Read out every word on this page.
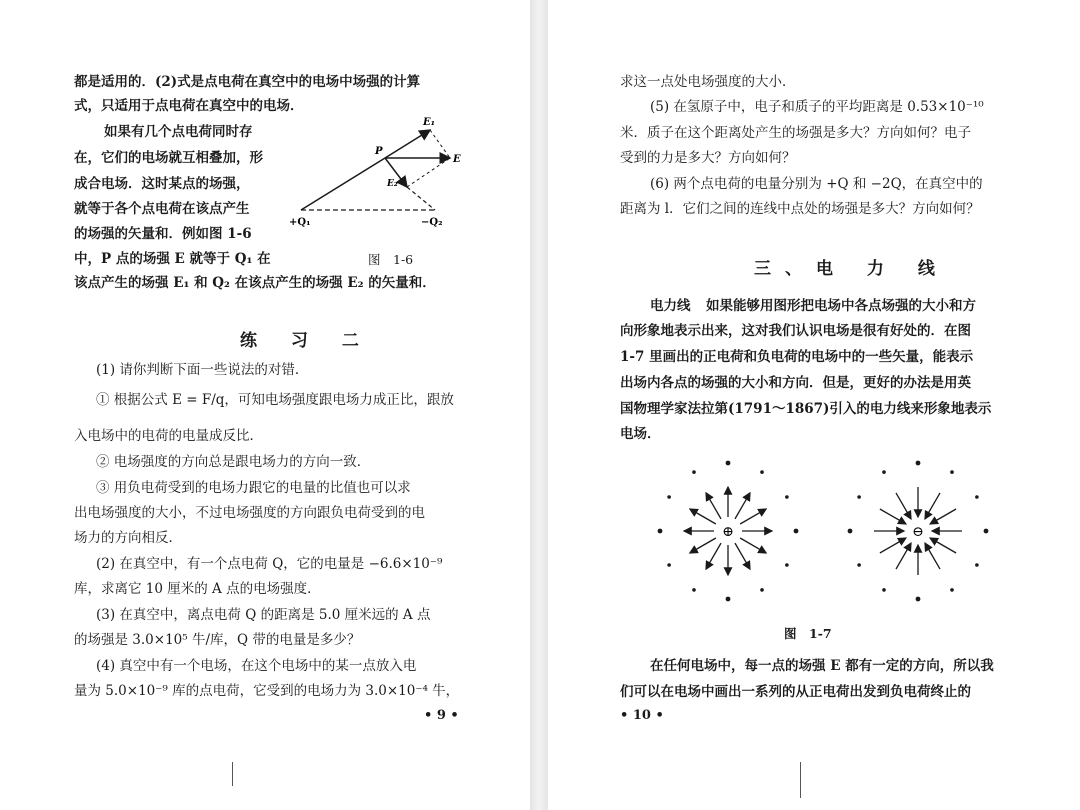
都是适用的．(2)式是点电荷在真空中的电场中场强的计算
式，只适用于点电荷在真空中的电场．
如果有几个点电荷同时存
在，它们的电场就互相叠加，形
成合电场．这时某点的场强，
就等于各个点电荷在该点产生
的场强的矢量和．例如图 1-6
中，P 点的场强 E 就等于 Q₁ 在
该点产生的场强 E₁ 和 Q₂ 在该点产生的场强 E₂ 的矢量和．
E₁
P
E
E₂
+Q₁	−Q₂
图　1-6
练 习 二
(1) 请你判断下面一些说法的对错．
① 根据公式 E = F/q，可知电场强度跟电场力成正比，跟放
入电场中的电荷的电量成反比．
② 电场强度的方向总是跟电场力的方向一致．
③ 用负电荷受到的电场力跟它的电量的比值也可以求
出电场强度的大小，不过电场强度的方向跟负电荷受到的电
场力的方向相反．
(2) 在真空中，有一个点电荷 Q，它的电量是 −6.6×10⁻⁹
库，求离它 10 厘米的 A 点的电场强度．
(3) 在真空中，离点电荷 Q 的距离是 5.0 厘米远的 A 点
的场强是 3.0×10⁵ 牛/库，Q 带的电量是多少？
(4) 真空中有一个电场，在这个电场中的某一点放入电
量为 5.0×10⁻⁹ 库的点电荷，它受到的电场力为 3.0×10⁻⁴ 牛，
• 9 •
求这一点处电场强度的大小．
(5) 在氢原子中，电子和质子的平均距离是 0.53×10⁻¹⁰
米．质子在这个距离处产生的场强是多大？方向如何？电子
受到的力是多大？方向如何？
(6) 两个点电荷的电量分别为 +Q 和 −2Q，在真空中的
距离为 l．它们之间的连线中点处的场强是多大？方向如何？
三、电 力 线
电力线 如果能够用图形把电场中各点场强的大小和方
向形象地表示出来，这对我们认识电场是很有好处的．在图
1-7 里画出的正电荷和负电荷的电场中的一些矢量，能表示
出场内各点的场强的大小和方向．但是，更好的办法是用英
国物理学家法拉第(1791～1867)引入的电力线来形象地表示
电场．
⊕	⊖
图　1-7
在任何电场中，每一点的场强 E 都有一定的方向，所以我
们可以在电场中画出一系列的从正电荷出发到负电荷终止的
• 10 •
